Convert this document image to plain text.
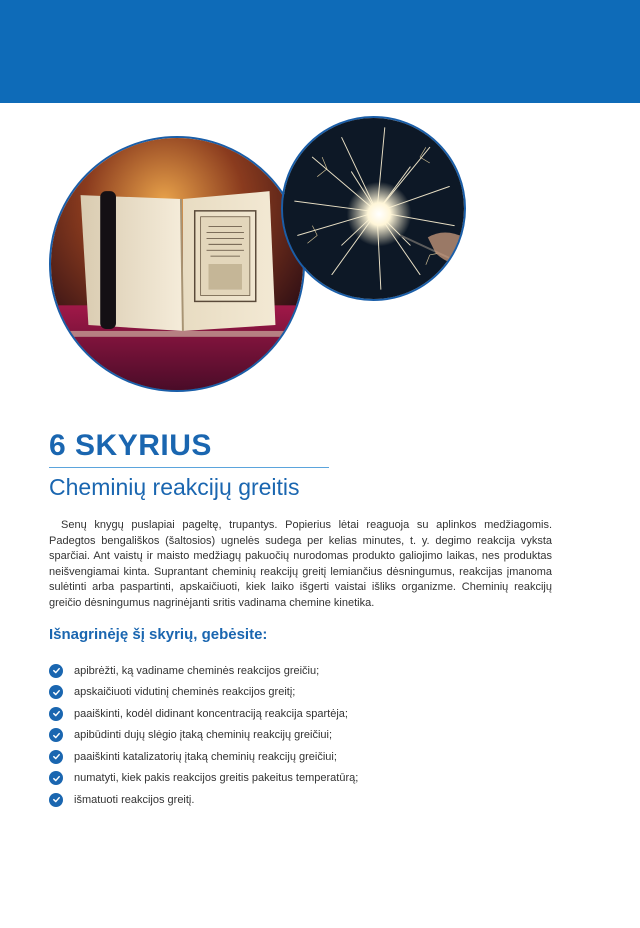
6 SKYRIUS
Cheminių reakcijų greitis

Senų knygų puslapiai pageltę, trupantys. Popierius lėtai reaguoja su aplinkos medžiagomis. Padegtos bengališkos (šaltosios) ugnelės sudega per kelias minutes, t. y. degimo reakcija vyksta sparčiai. Ant vaistų ir maisto medžiagų pakuočių nurodomas produkto galiojimo laikas, nes produktas neišvengiamai kinta. Suprantant cheminių reakcijų greitį lemiančius dėsningumus, reakcijas įmanoma sulėtinti arba paspartinti, apskaičiuoti, kiek laiko išgerti vaistai išliks organizme. Cheminių reakcijų greičio dėsningumus nagrinėjanti sritis vadinama chemine kinetika.

Išnagrinėję šį skyrių, gebėsite:
apibrėžti, ką vadiname cheminės reakcijos greičiu;
apskaičiuoti vidutinį cheminės reakcijos greitį;
paaiškinti, kodėl didinant koncentraciją reakcija spartėja;
apibūdinti dujų slėgio įtaką cheminių reakcijų greičiui;
paaiškinti katalizatorių įtaką cheminių reakcijų greičiui;
numatyti, kiek pakis reakcijos greitis pakeitus temperatūrą;
išmatuoti reakcijos greitį.
